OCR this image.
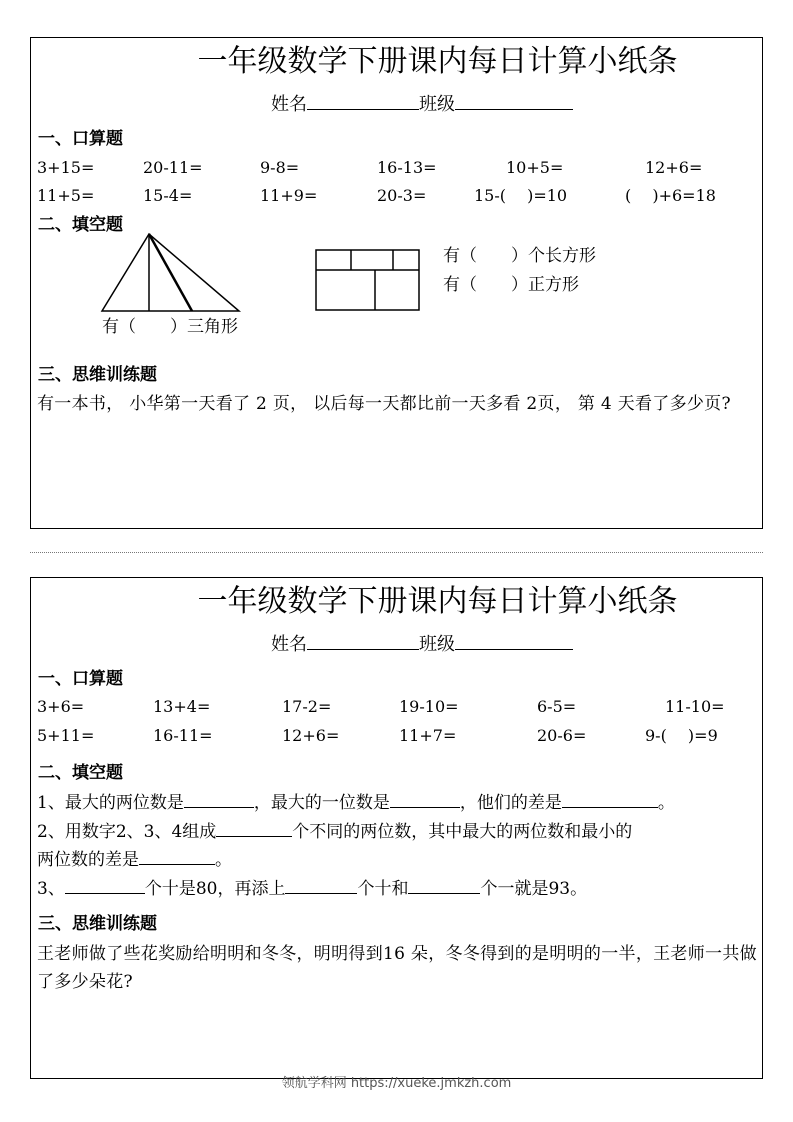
一年级数学下册课内每日计算小纸条
姓名	班级
一、口算题
3+15=	20-11=	9-8=	16-13=	10+5=	12+6=
11+5=	15-4=	11+9=	20-3=	15-(　 )=10	(　 )+6=18
二、填空题
有（　　）三角形
有（　　）个长方形
有（　　）正方形
三、思维训练题
有一本书， 小华第一天看了 2 页， 以后每一天都比前一天多看 2页， 第 4 天看了多少页?
一年级数学下册课内每日计算小纸条
姓名	班级
一、口算题
3+6=	13+4=	17-2=	19-10=	6-5=	11-10=
5+11=	16-11=	12+6=	11+7=	20-6=	9-(　 )=9
二、填空题
1、最大的两位数是	，最大的一位数是	，他们的差是	。
2、用数字2、3、4组成	个不同的两位数，其中最大的两位数和最小的
两位数的差是	。
3、	个十是80，再添上	个十和	个一就是93。
三、思维训练题
王老师做了些花奖励给明明和冬冬，明明得到16 朵，冬冬得到的是明明的一半，王老师一共做了多少朵花?
领航学科网 https://xueke.jmkzh.com
